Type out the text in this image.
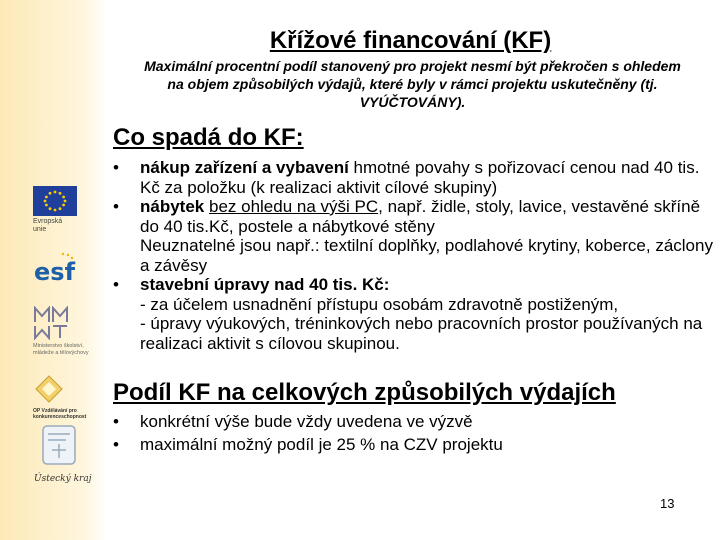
Evropská
unie
esf
Ministerstvo školství, mládeže a tělovýchovy
OP Vzdělávání pro konkurenceschopnost
Ústecký kraj
Křížové financování (KF)

Maximální procentní podíl stanovený pro projekt nesmí být překročen s ohledem na objem způsobilých výdajů, které byly v rámci projektu uskutečněny (tj. VYÚČTOVÁNY).

Co spadá do KF:
• nákup zařízení a vybavení hmotné povahy s pořizovací cenou nad 40 tis. Kč za položku (k realizaci aktivit cílové skupiny)
• nábytek bez ohledu na výši PC, např. židle, stoly, lavice, vestavěné skříně do 40 tis.Kč, postele a nábytkové stěny
Neuznatelné jsou např.: textilní doplňky, podlahové krytiny, koberce, záclony a závěsy
• stavební úpravy nad 40 tis. Kč:
- za účelem usnadnění přístupu osobám zdravotně postiženým,
- úpravy výukových, tréninkových nebo pracovních prostor používaných na realizaci aktivit s cílovou skupinou.
Podíl KF na celkových způsobilých výdajích
• konkrétní výše bude vždy uvedena ve výzvě
• maximální možný podíl je 25 % na CZV projektu
13
